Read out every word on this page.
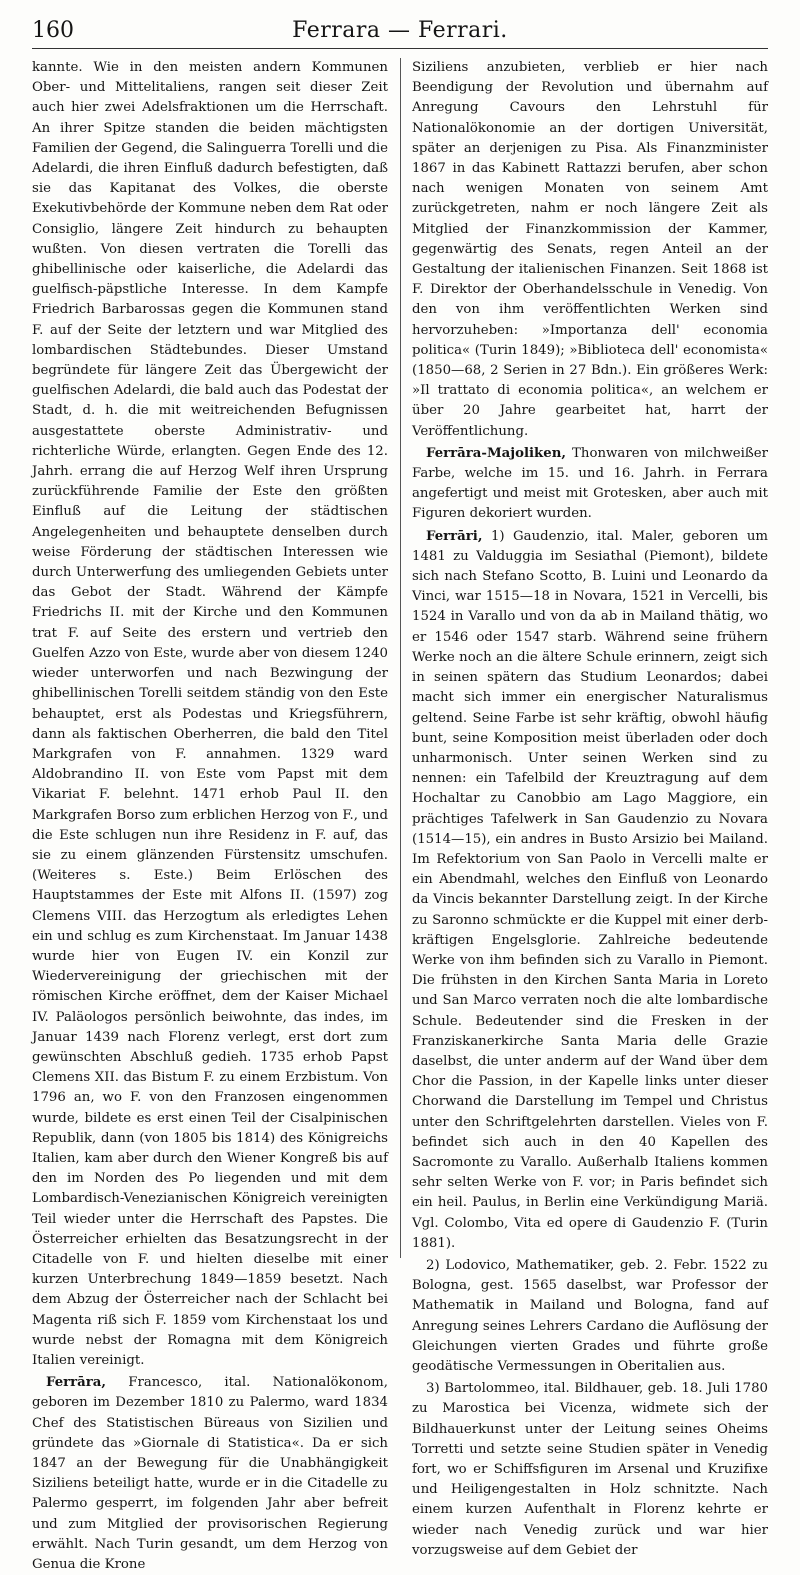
160	Ferrara — Ferrari.

kannte. Wie in den meisten andern Kommunen Ober- und Mittelitaliens, rangen seit dieser Zeit auch hier zwei Adelsfraktionen um die Herrschaft. An ihrer Spitze standen die beiden mächtigsten Familien der Gegend, die Salinguerra Torelli und die Adelardi, die ihren Einfluß dadurch befestigten, daß sie das Kapitanat des Volkes, die oberste Exekutivbehörde der Kommune neben dem Rat oder Consiglio, längere Zeit hindurch zu behaupten wußten. Von diesen vertraten die Torelli das ghibellinische oder kaiserliche, die Adelardi das guelfisch-päpstliche Interesse. In dem Kampfe Friedrich Barbarossas gegen die Kommunen stand F. auf der Seite der letztern und war Mitglied des lombardischen Städtebundes. Dieser Umstand begründete für längere Zeit das Übergewicht der guelfischen Adelardi, die bald auch das Podestat der Stadt, d. h. die mit weitreichenden Befugnissen ausgestattete oberste Administrativ- und richterliche Würde, erlangten. Gegen Ende des 12. Jahrh. errang die auf Herzog Welf ihren Ursprung zurückführende Familie der Este den größten Einfluß auf die Leitung der städtischen Angelegenheiten und behauptete denselben durch weise Förderung der städtischen Interessen wie durch Unterwerfung des umliegenden Gebiets unter das Gebot der Stadt. Während der Kämpfe Friedrichs II. mit der Kirche und den Kommunen trat F. auf Seite des erstern und vertrieb den Guelfen Azzo von Este, wurde aber von diesem 1240 wieder unterworfen und nach Bezwingung der ghibellinischen Torelli seitdem ständig von den Este behauptet, erst als Podestas und Kriegsführern, dann als faktischen Oberherren, die bald den Titel Markgrafen von F. annahmen. 1329 ward Aldobrandino II. von Este vom Papst mit dem Vikariat F. belehnt. 1471 erhob Paul II. den Markgrafen Borso zum erblichen Herzog von F., und die Este schlugen nun ihre Residenz in F. auf, das sie zu einem glänzenden Fürstensitz umschufen. (Weiteres s. Este.) Beim Erlöschen des Hauptstammes der Este mit Alfons II. (1597) zog Clemens VIII. das Herzogtum als erledigtes Lehen ein und schlug es zum Kirchenstaat. Im Januar 1438 wurde hier von Eugen IV. ein Konzil zur Wiedervereinigung der griechischen mit der römischen Kirche eröffnet, dem der Kaiser Michael IV. Paläologos persönlich beiwohnte, das indes, im Januar 1439 nach Florenz verlegt, erst dort zum gewünschten Abschluß gedieh. 1735 erhob Papst Clemens XII. das Bistum F. zu einem Erzbistum. Von 1796 an, wo F. von den Franzosen eingenommen wurde, bildete es erst einen Teil der Cisalpinischen Republik, dann (von 1805 bis 1814) des Königreichs Italien, kam aber durch den Wiener Kongreß bis auf den im Norden des Po liegenden und mit dem Lombardisch-Venezianischen Königreich vereinigten Teil wieder unter die Herrschaft des Papstes. Die Österreicher erhielten das Besatzungsrecht in der Citadelle von F. und hielten dieselbe mit einer kurzen Unterbrechung 1849—1859 besetzt. Nach dem Abzug der Österreicher nach der Schlacht bei Magenta riß sich F. 1859 vom Kirchenstaat los und wurde nebst der Romagna mit dem Königreich Italien vereinigt.

Ferrāra, Francesco, ital. Nationalökonom, geboren im Dezember 1810 zu Palermo, ward 1834 Chef des Statistischen Büreaus von Sizilien und gründete das »Giornale di Statistica«. Da er sich 1847 an der Bewegung für die Unabhängigkeit Siziliens beteiligt hatte, wurde er in die Citadelle zu Palermo gesperrt, im folgenden Jahr aber befreit und zum Mitglied der provisorischen Regierung erwählt. Nach Turin gesandt, um dem Herzog von Genua die Krone

Siziliens anzubieten, verblieb er hier nach Beendigung der Revolution und übernahm auf Anregung Cavours den Lehrstuhl für Nationalökonomie an der dortigen Universität, später an derjenigen zu Pisa. Als Finanzminister 1867 in das Kabinett Rattazzi berufen, aber schon nach wenigen Monaten von seinem Amt zurückgetreten, nahm er noch längere Zeit als Mitglied der Finanzkommission der Kammer, gegenwärtig des Senats, regen Anteil an der Gestaltung der italienischen Finanzen. Seit 1868 ist F. Direktor der Oberhandelsschule in Venedig. Von den von ihm veröffentlichten Werken sind hervorzuheben: »Importanza dell' economia politica« (Turin 1849); »Biblioteca dell' economista« (1850—68, 2 Serien in 27 Bdn.). Ein größeres Werk: »Il trattato di economia politica«, an welchem er über 20 Jahre gearbeitet hat, harrt der Veröffentlichung.

Ferrāra-Majoliken, Thonwaren von milchweißer Farbe, welche im 15. und 16. Jahrh. in Ferrara angefertigt und meist mit Grotesken, aber auch mit Figuren dekoriert wurden.

Ferrāri, 1) Gaudenzio, ital. Maler, geboren um 1481 zu Valduggia im Sesiathal (Piemont), bildete sich nach Stefano Scotto, B. Luini und Leonardo da Vinci, war 1515—18 in Novara, 1521 in Vercelli, bis 1524 in Varallo und von da ab in Mailand thätig, wo er 1546 oder 1547 starb. Während seine frühern Werke noch an die ältere Schule erinnern, zeigt sich in seinen spätern das Studium Leonardos; dabei macht sich immer ein energischer Naturalismus geltend. Seine Farbe ist sehr kräftig, obwohl häufig bunt, seine Komposition meist überladen oder doch unharmonisch. Unter seinen Werken sind zu nennen: ein Tafelbild der Kreuztragung auf dem Hochaltar zu Canobbio am Lago Maggiore, ein prächtiges Tafelwerk in San Gaudenzio zu Novara (1514—15), ein andres in Busto Arsizio bei Mailand. Im Refektorium von San Paolo in Vercelli malte er ein Abendmahl, welches den Einfluß von Leonardo da Vincis bekannter Darstellung zeigt. In der Kirche zu Saronno schmückte er die Kuppel mit einer derb-kräftigen Engelsglorie. Zahlreiche bedeutende Werke von ihm befinden sich zu Varallo in Piemont. Die frühsten in den Kirchen Santa Maria in Loreto und San Marco verraten noch die alte lombardische Schule. Bedeutender sind die Fresken in der Franziskanerkirche Santa Maria delle Grazie daselbst, die unter anderm auf der Wand über dem Chor die Passion, in der Kapelle links unter dieser Chorwand die Darstellung im Tempel und Christus unter den Schriftgelehrten darstellen. Vieles von F. befindet sich auch in den 40 Kapellen des Sacromonte zu Varallo. Außerhalb Italiens kommen sehr selten Werke von F. vor; in Paris befindet sich ein heil. Paulus, in Berlin eine Verkündigung Mariä. Vgl. Colombo, Vita ed opere di Gaudenzio F. (Turin 1881).

2) Lodovico, Mathematiker, geb. 2. Febr. 1522 zu Bologna, gest. 1565 daselbst, war Professor der Mathematik in Mailand und Bologna, fand auf Anregung seines Lehrers Cardano die Auflösung der Gleichungen vierten Grades und führte große geodätische Vermessungen in Oberitalien aus.

3) Bartolommeo, ital. Bildhauer, geb. 18. Juli 1780 zu Marostica bei Vicenza, widmete sich der Bildhauerkunst unter der Leitung seines Oheims Torretti und setzte seine Studien später in Venedig fort, wo er Schiffsfiguren im Arsenal und Kruzifixe und Heiligengestalten in Holz schnitzte. Nach einem kurzen Aufenthalt in Florenz kehrte er wieder nach Venedig zurück und war hier vorzugsweise auf dem Gebiet der
